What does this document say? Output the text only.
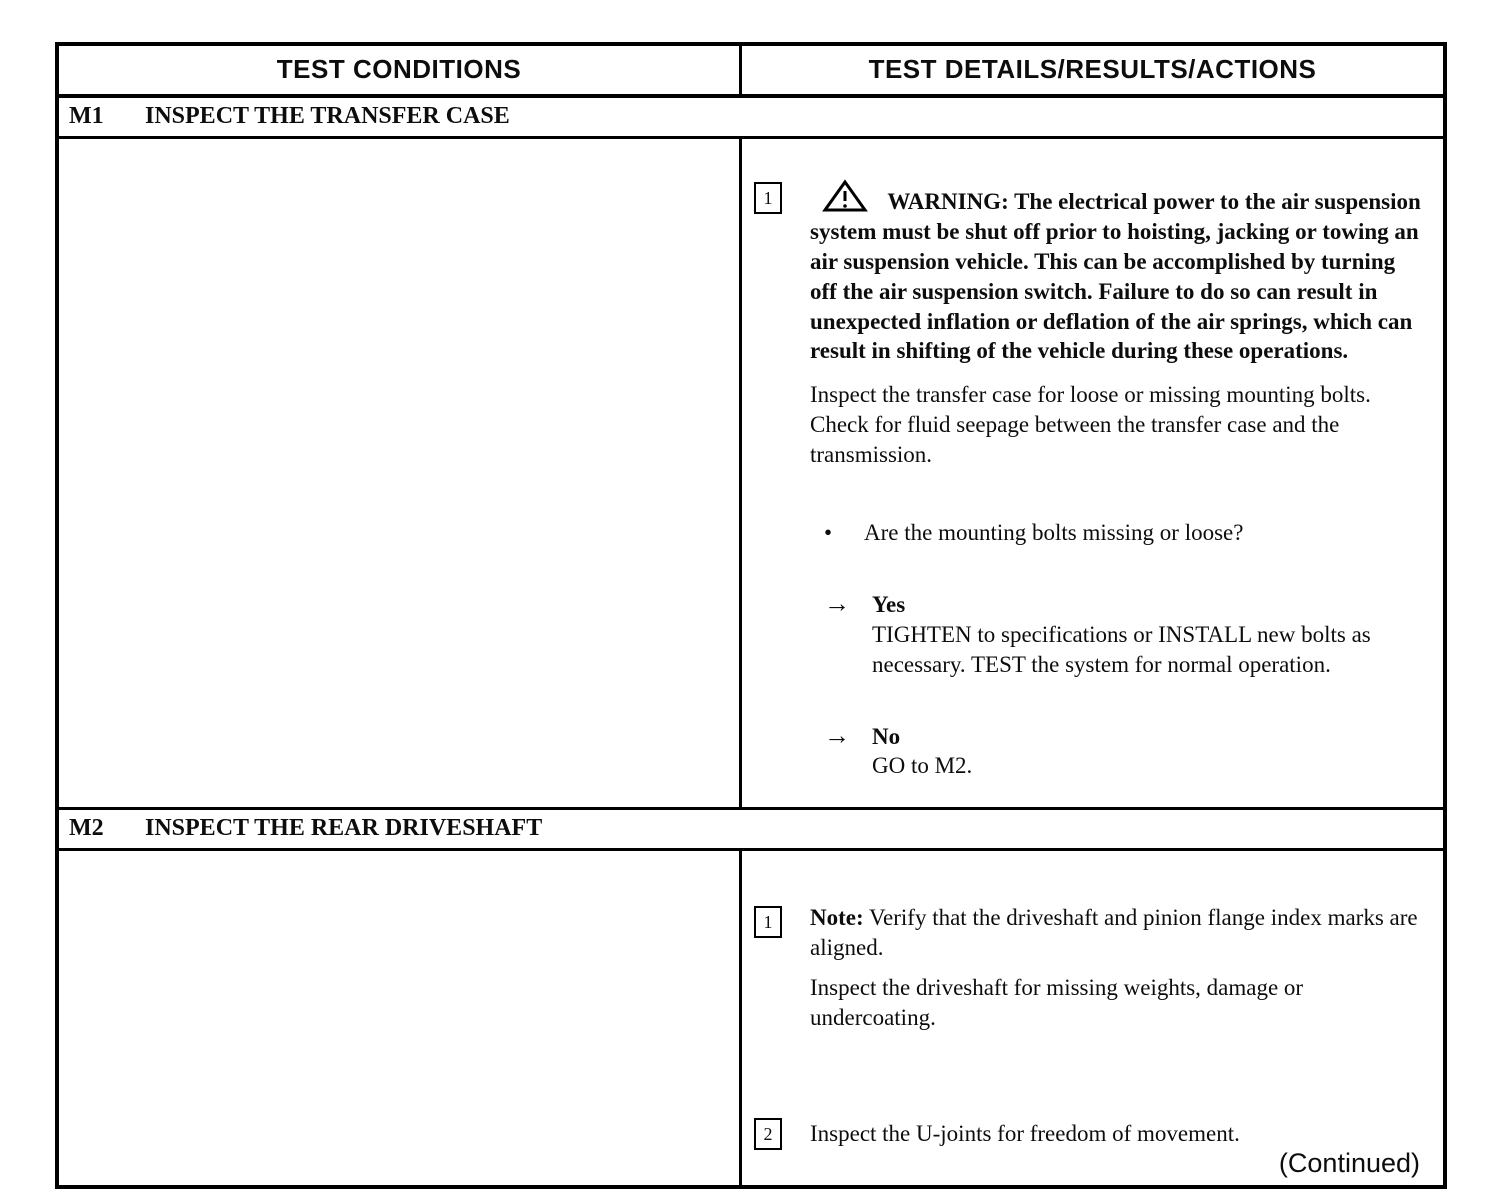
TEST CONDITIONS	TEST DETAILS/RESULTS/ACTIONS
M1 INSPECT THE TRANSFER CASE
1	WARNING: The electrical power to the air suspension system must be shut off prior to hoisting, jacking or towing an air suspension vehicle. This can be accomplished by turning off the air suspension switch. Failure to do so can result in unexpected inflation or deflation of the air springs, which can result in shifting of the vehicle during these operations.

Inspect the transfer case for loose or missing mounting bolts. Check for fluid seepage between the transfer case and the transmission.

•	Are the mounting bolts missing or loose?
→ Yes
TIGHTEN to specifications or INSTALL new bolts as necessary. TEST the system for normal operation.
→ No
GO to M2.
M2 INSPECT THE REAR DRIVESHAFT
1	Note: Verify that the driveshaft and pinion flange index marks are aligned.

Inspect the driveshaft for missing weights, damage or undercoating.

2	Inspect the U-joints for freedom of movement.

(Continued)
